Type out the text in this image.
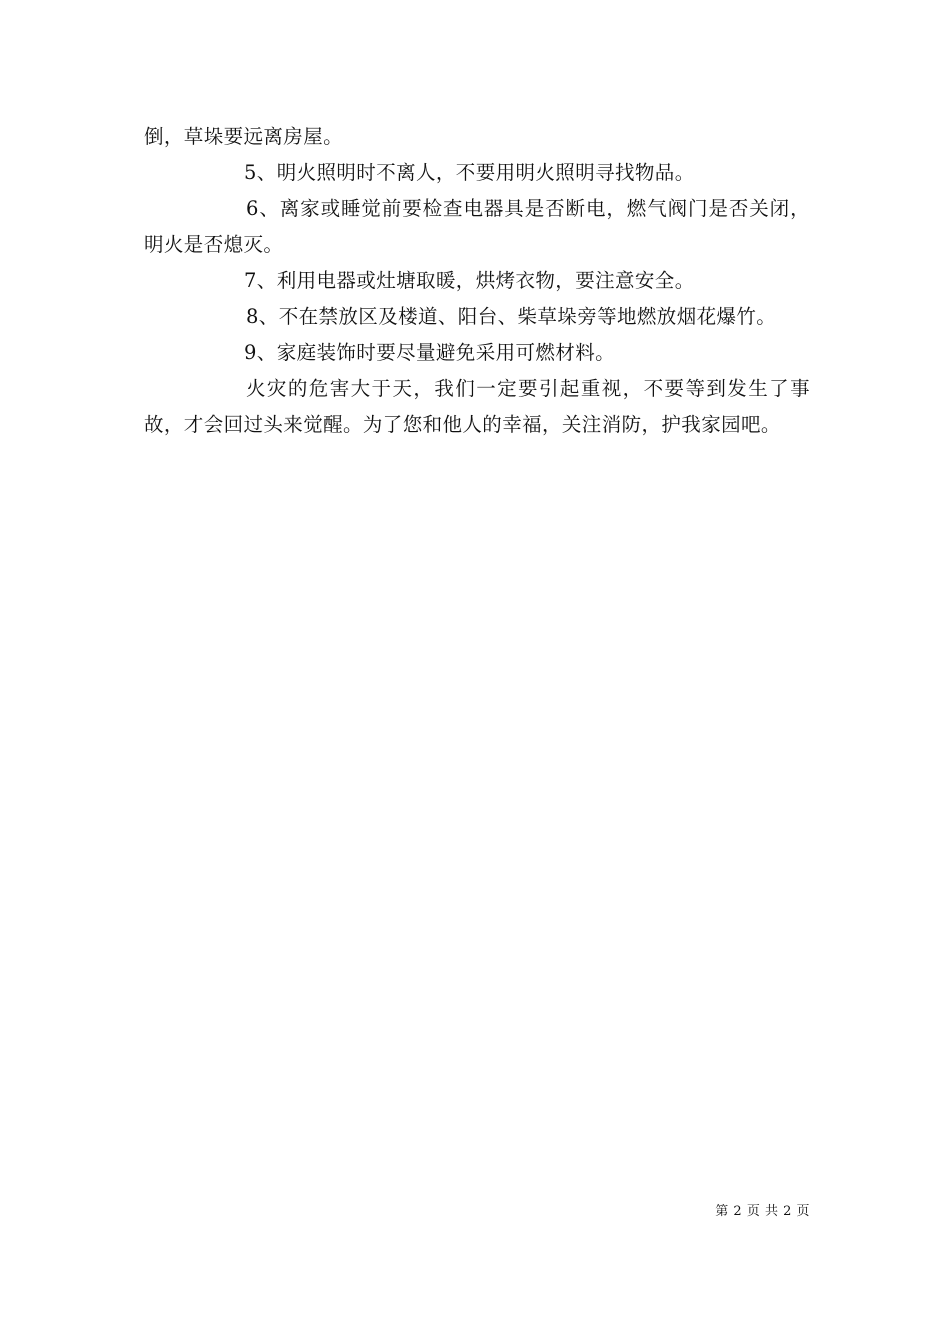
倒，草垛要远离房屋。

5、明火照明时不离人，不要用明火照明寻找物品。

6、离家或睡觉前要检查电器具是否断电，燃气阀门是否关闭，明火是否熄灭。

7、利用电器或灶塘取暖，烘烤衣物，要注意安全。

8、不在禁放区及楼道、阳台、柴草垛旁等地燃放烟花爆竹。

9、家庭装饰时要尽量避免采用可燃材料。

火灾的危害大于天，我们一定要引起重视，不要等到发生了事故，才会回过头来觉醒。为了您和他人的幸福，关注消防，护我家园吧。

第 2 页 共 2 页
